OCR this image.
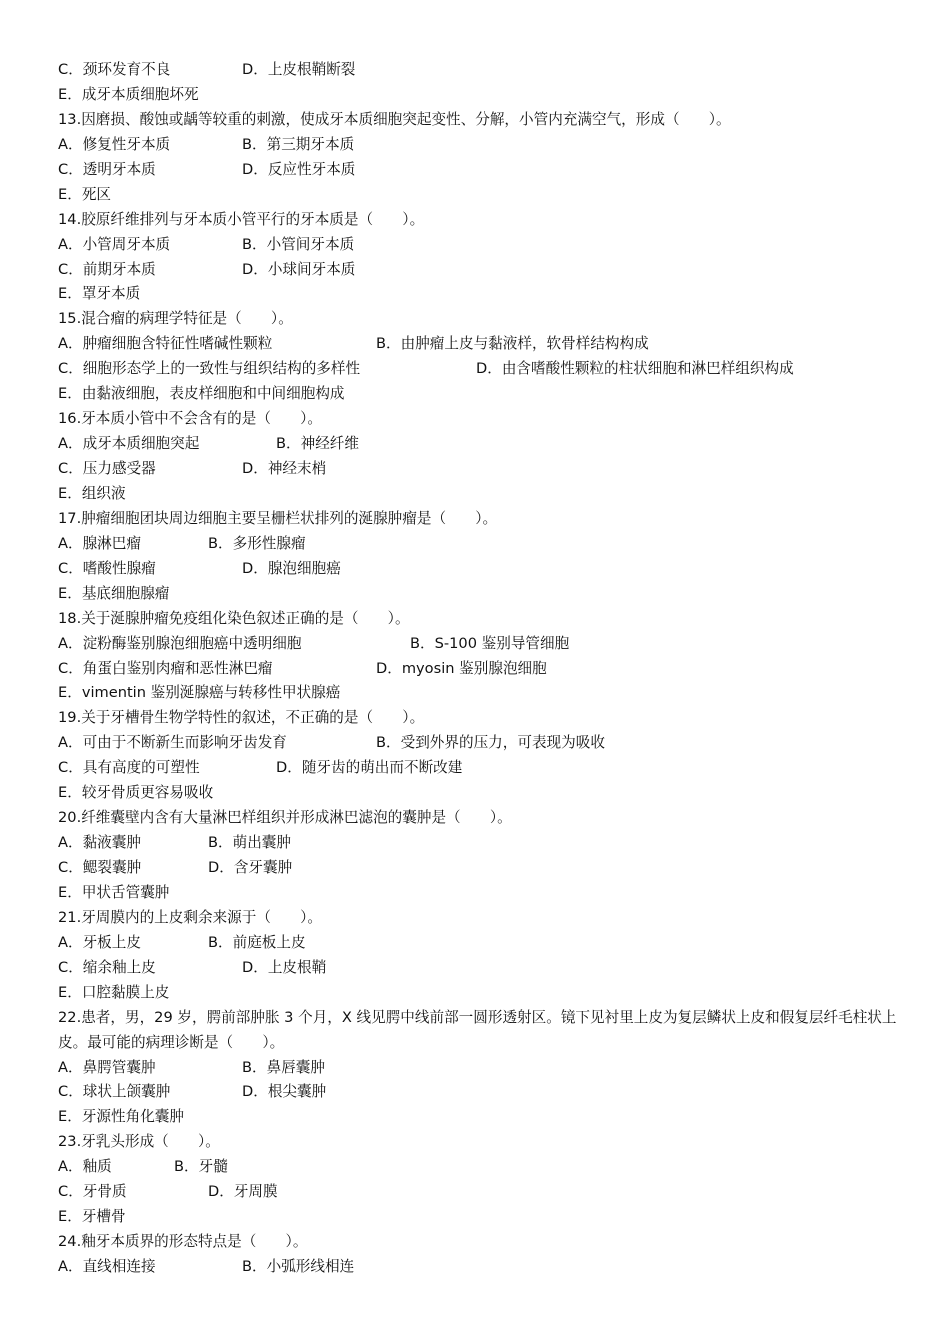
C．颈环发育不良	D．上皮根鞘断裂
E．成牙本质细胞坏死
13.因磨损、酸蚀或龋等较重的刺激，使成牙本质细胞突起变性、分解，小管内充满空气，形成（　　）。
A．修复性牙本质	B．第三期牙本质
C．透明牙本质	D．反应性牙本质
E．死区
14.胶原纤维排列与牙本质小管平行的牙本质是（　　）。
A．小管周牙本质	B．小管间牙本质
C．前期牙本质	D．小球间牙本质
E．罩牙本质
15.混合瘤的病理学特征是（　　）。
A．肿瘤细胞含特征性嗜碱性颗粒	B．由肿瘤上皮与黏液样，软骨样结构构成
C．细胞形态学上的一致性与组织结构的多样性	D．由含嗜酸性颗粒的柱状细胞和淋巴样组织构成
E．由黏液细胞，表皮样细胞和中间细胞构成
16.牙本质小管中不会含有的是（　　）。
A．成牙本质细胞突起	B．神经纤维
C．压力感受器	D．神经末梢
E．组织液
17.肿瘤细胞团块周边细胞主要呈栅栏状排列的涎腺肿瘤是（　　）。
A．腺淋巴瘤	B．多形性腺瘤
C．嗜酸性腺瘤	D．腺泡细胞癌
E．基底细胞腺瘤
18.关于涎腺肿瘤免疫组化染色叙述正确的是（　　）。
A．淀粉酶鉴别腺泡细胞癌中透明细胞	B．S-100 鉴别导管细胞
C．角蛋白鉴别肉瘤和恶性淋巴瘤	D．myosin 鉴别腺泡细胞
E．vimentin 鉴别涎腺癌与转移性甲状腺癌
19.关于牙槽骨生物学特性的叙述，不正确的是（　　）。
A．可由于不断新生而影响牙齿发育	B．受到外界的压力，可表现为吸收
C．具有高度的可塑性	D．随牙齿的萌出而不断改建
E．较牙骨质更容易吸收
20.纤维囊壁内含有大量淋巴样组织并形成淋巴滤泡的囊肿是（　　）。
A．黏液囊肿	B．萌出囊肿
C．鳃裂囊肿	D．含牙囊肿
E．甲状舌管囊肿
21.牙周膜内的上皮剩余来源于（　　）。
A．牙板上皮	B．前庭板上皮
C．缩余釉上皮	D．上皮根鞘
E．口腔黏膜上皮
22.患者，男，29 岁，腭前部肿胀 3 个月，X 线见腭中线前部一圆形透射区。镜下见衬里上皮为复层鳞状上皮和假复层纤毛柱状上皮。最可能的病理诊断是（　　）。
A．鼻腭管囊肿	B．鼻唇囊肿
C．球状上颌囊肿	D．根尖囊肿
E．牙源性角化囊肿
23.牙乳头形成（　　）。
A．釉质	B．牙髓
C．牙骨质	D．牙周膜
E．牙槽骨
24.釉牙本质界的形态特点是（　　）。
A．直线相连接	B．小弧形线相连
